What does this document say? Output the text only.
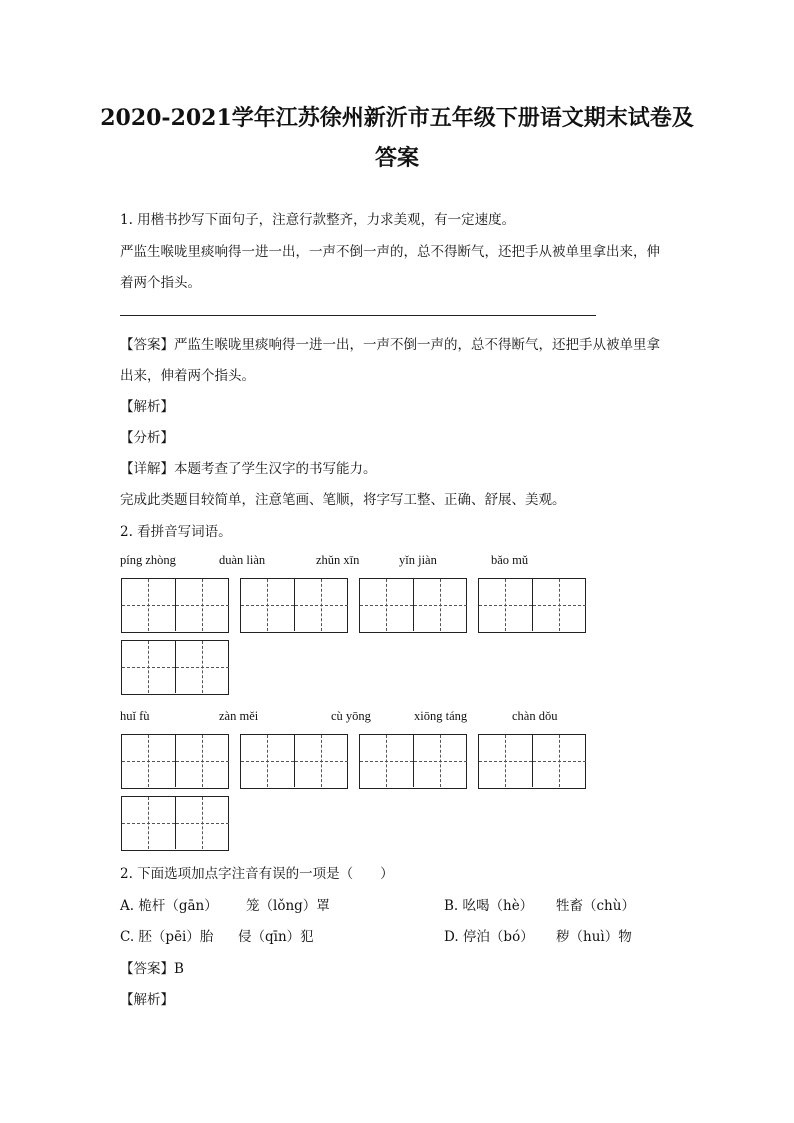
2020-2021学年江苏徐州新沂市五年级下册语文期末试卷及
答案
1. 用楷书抄写下面句子，注意行款整齐，力求美观，有一定速度。
严监生喉咙里痰响得一进一出，一声不倒一声的，总不得断气，还把手从被单里拿出来，伸
着两个指头。
【答案】严监生喉咙里痰响得一进一出，一声不倒一声的，总不得断气，还把手从被单里拿
出来，伸着两个指头。
【解析】
【分析】
【详解】本题考查了学生汉字的书写能力。
完成此类题目较简单，注意笔画、笔顺，将字写工整、正确、舒展、美观。
2. 看拼音写词语。
píng zhòng	duàn liàn	zhǔn xīn	yǐn jiàn	bǎo mǔ
huǐ fù	zàn měi	cù yōng	xiōng táng	chàn dǒu
2. 下面选项加点字注音有误的一项是（　　）
A. 桅杆（gān） 笼（lǒng）罩	B. 吆喝（hè） 牲畜（chù）
C. 胚（pēi）胎 侵（qīn）犯	D. 停泊（bó） 秽（huì）物
【答案】B
【解析】
